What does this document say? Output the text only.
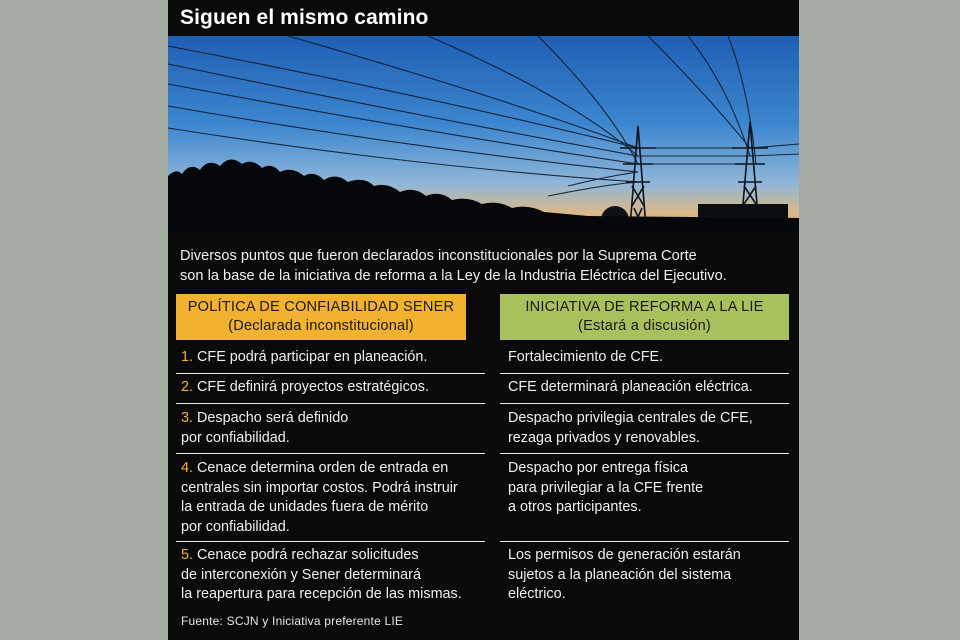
Siguen el mismo camino
Diversos puntos que fueron declarados inconstitucionales por la Suprema Corte
son la base de la iniciativa de reforma a la Ley de la Industria Eléctrica del Ejecutivo.
POLÍTICA DE CONFIABILIDAD SENER
(Declarada inconstitucional)
INICIATIVA DE REFORMA A LA LIE
(Estará a discusión)
1. CFE podrá participar en planeación.	Fortalecimiento de CFE.
2. CFE definirá proyectos estratégicos.	CFE determinará planeación eléctrica.
3. Despacho será definido
por confiabilidad.
Despacho privilegia centrales de CFE,
rezaga privados y renovables.
4. Cenace determina orden de entrada en
centrales sin importar costos. Podrá instruir
la entrada de unidades fuera de mérito
por confiabilidad.
Despacho por entrega física
para privilegiar a la CFE frente
a otros participantes.
5. Cenace podrá rechazar solicitudes
de interconexión y Sener determinará
la reapertura para recepción de las mismas.
Los permisos de generación estarán
sujetos a la planeación del sistema
eléctrico.
Fuente: SCJN y Iniciativa preferente LIE
